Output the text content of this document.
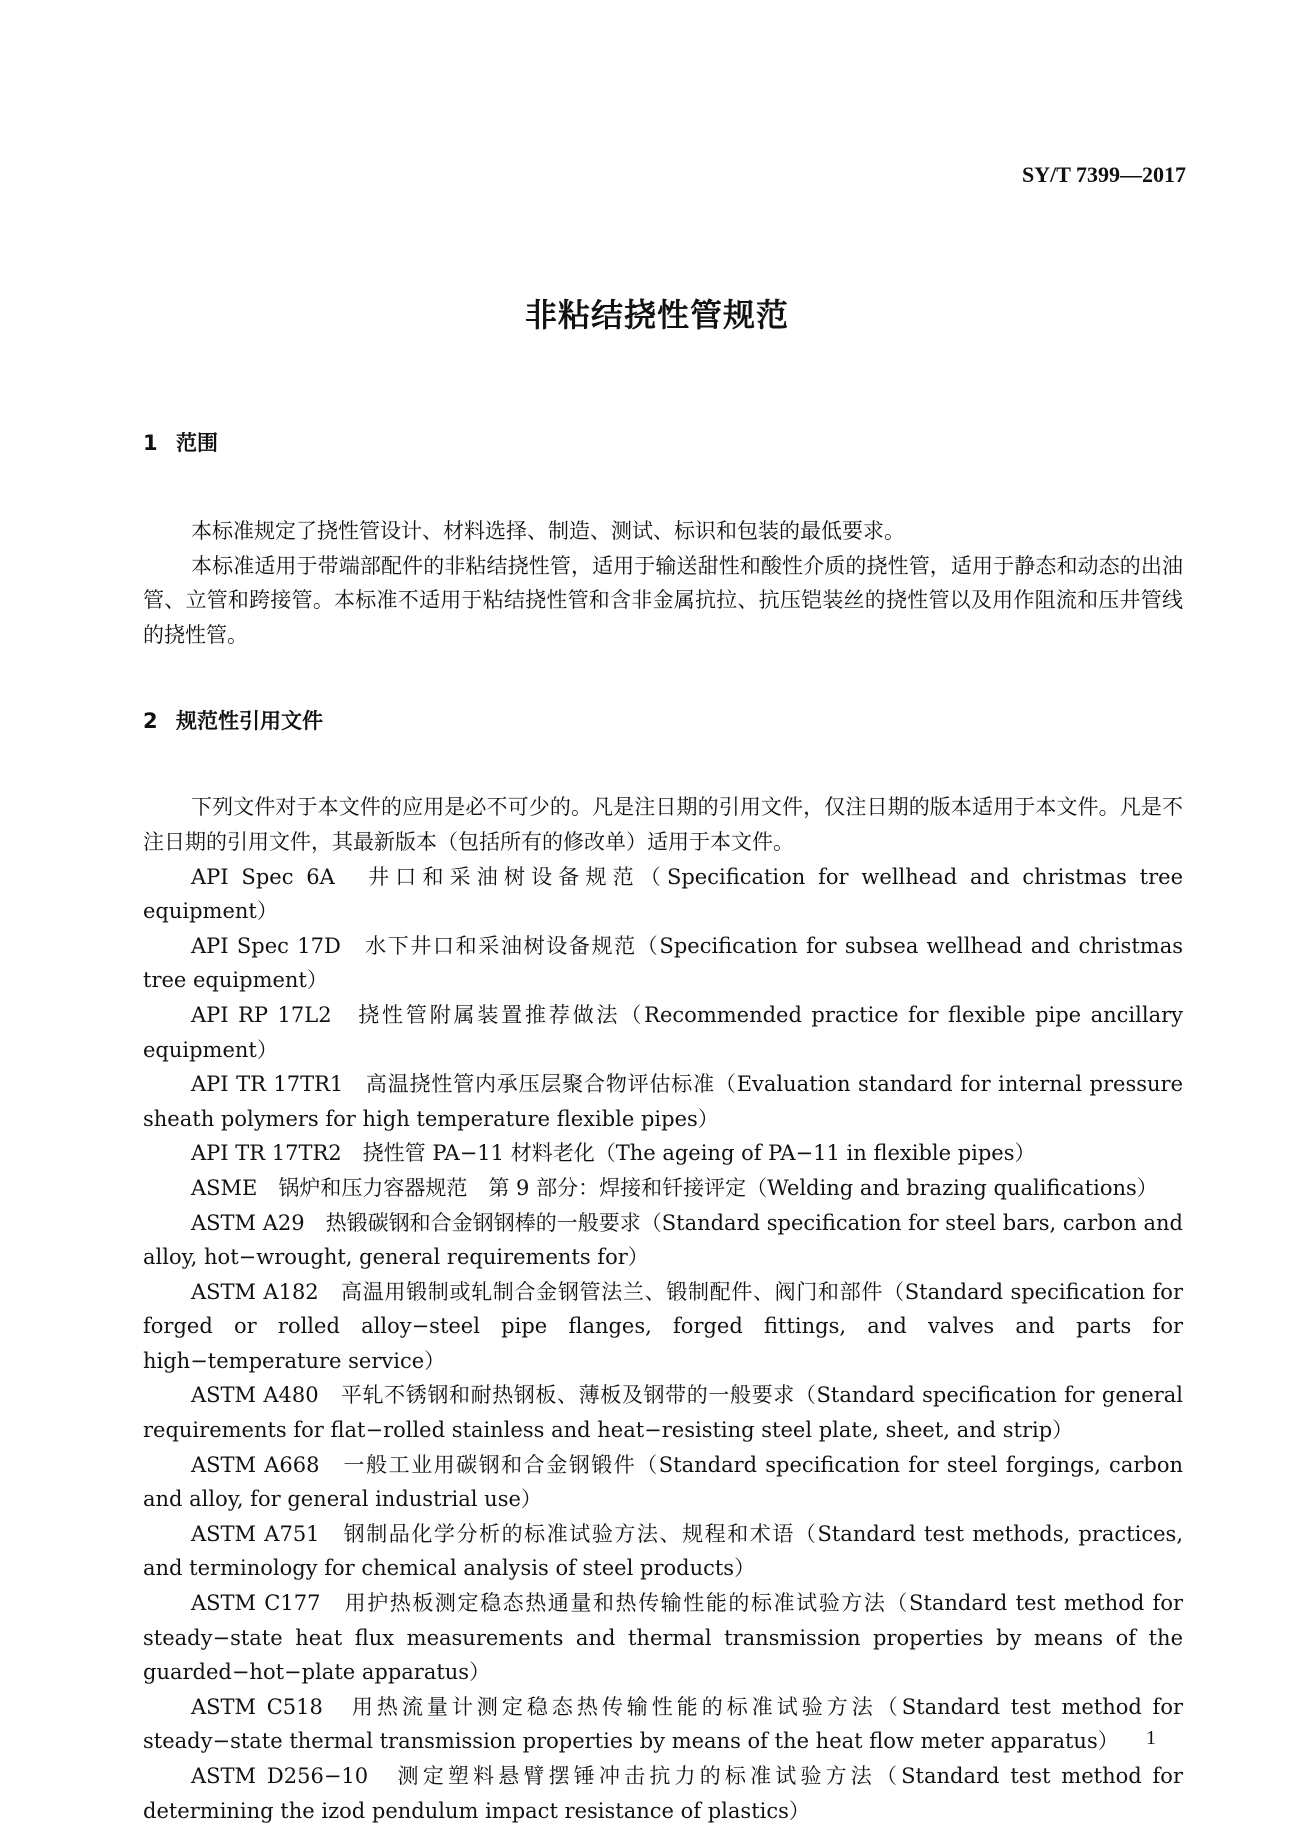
SY/T 7399—2017
非粘结挠性管规范
1 范围

本标准规定了挠性管设计、材料选择、制造、测试、标识和包装的最低要求。

本标准适用于带端部配件的非粘结挠性管，适用于输送甜性和酸性介质的挠性管，适用于静态和动态的出油管、立管和跨接管。本标准不适用于粘结挠性管和含非金属抗拉、抗压铠装丝的挠性管以及用作阻流和压井管线的挠性管。

2 规范性引用文件

下列文件对于本文件的应用是必不可少的。凡是注日期的引用文件，仅注日期的版本适用于本文件。凡是不注日期的引用文件，其最新版本（包括所有的修改单）适用于本文件。

API Spec 6A　井口和采油树设备规范（Specification for wellhead and christmas tree equipment）

API Spec 17D　水下井口和采油树设备规范（Specification for subsea wellhead and christmas tree equipment）

API RP 17L2　挠性管附属装置推荐做法（Recommended practice for flexible pipe ancillary equipment）

API TR 17TR1　高温挠性管内承压层聚合物评估标准（Evaluation standard for internal pressure sheath polymers for high temperature flexible pipes）

API TR 17TR2　挠性管 PA−11 材料老化（The ageing of PA−11 in flexible pipes）

ASME　锅炉和压力容器规范　第 9 部分：焊接和钎接评定（Welding and brazing qualifications）

ASTM A29　热锻碳钢和合金钢钢棒的一般要求（Standard specification for steel bars, carbon and alloy, hot−wrought, general requirements for）

ASTM A182　高温用锻制或轧制合金钢管法兰、锻制配件、阀门和部件（Standard specification for forged or rolled alloy−steel pipe flanges, forged fittings, and valves and parts for high−temperature service）

ASTM A480　平轧不锈钢和耐热钢板、薄板及钢带的一般要求（Standard specification for general requirements for flat−rolled stainless and heat−resisting steel plate, sheet, and strip）

ASTM A668　一般工业用碳钢和合金钢锻件（Standard specification for steel forgings, carbon and alloy, for general industrial use）

ASTM A751　钢制品化学分析的标准试验方法、规程和术语（Standard test methods, practices, and terminology for chemical analysis of steel products）

ASTM C177　用护热板测定稳态热通量和热传输性能的标准试验方法（Standard test method for steady−state heat flux measurements and thermal transmission properties by means of the guarded−hot−plate apparatus）

ASTM C518　用热流量计测定稳态热传输性能的标准试验方法（Standard test method for steady−state thermal transmission properties by means of the heat flow meter apparatus）

ASTM D256−10　测定塑料悬臂摆锤冲击抗力的标准试验方法（Standard test method for determining the izod pendulum impact resistance of plastics）

1
